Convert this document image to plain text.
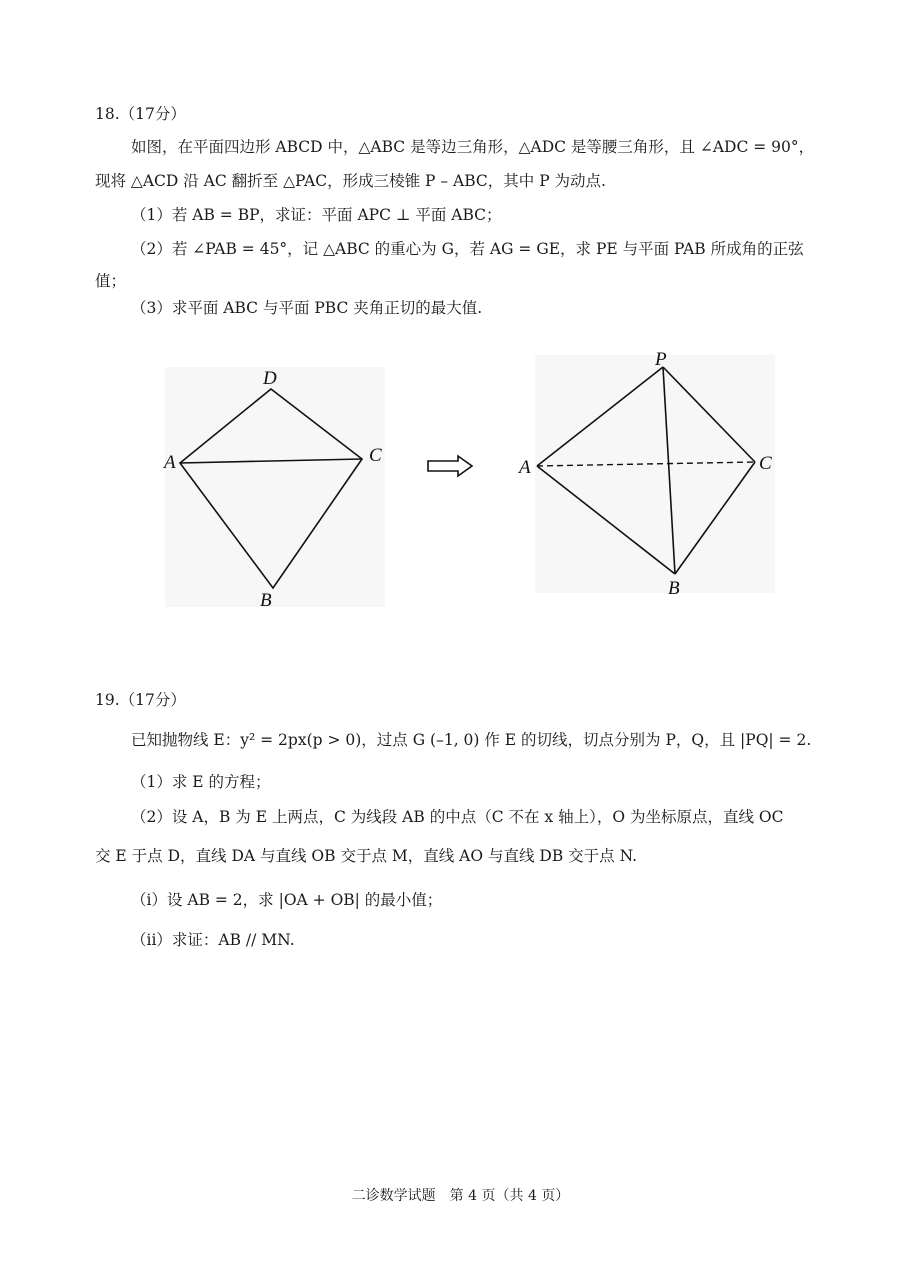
18.（17分）
如图，在平面四边形 ABCD 中，△ABC 是等边三角形，△ADC 是等腰三角形，且 ∠ADC = 90°，
现将 △ACD 沿 AC 翻折至 △PAC，形成三棱锥 P – ABC，其中 P 为动点.
（1）若 AB = BP，求证：平面 APC ⊥ 平面 ABC；
（2）若 ∠PAB = 45°，记 △ABC 的重心为 G，若 AG = GE，求 PE 与平面 PAB 所成角的正弦
值；
（3）求平面 ABC 与平面 PBC 夹角正切的最大值.
D
A	C
B
P
A	C
B
19.（17分）
已知抛物线 E：y² = 2px(p > 0)，过点 G (–1, 0) 作 E 的切线，切点分别为 P，Q，且 |PQ| = 2.
（1）求 E 的方程；
（2）设 A，B 为 E 上两点，C 为线段 AB 的中点（C 不在 x 轴上），O 为坐标原点，直线 OC
交 E 于点 D，直线 DA 与直线 OB 交于点 M，直线 AO 与直线 DB 交于点 N.
（i）设 AB = 2，求 |OA + OB| 的最小值；
（ii）求证：AB // MN.
二诊数学试题　第 4 页（共 4 页）
